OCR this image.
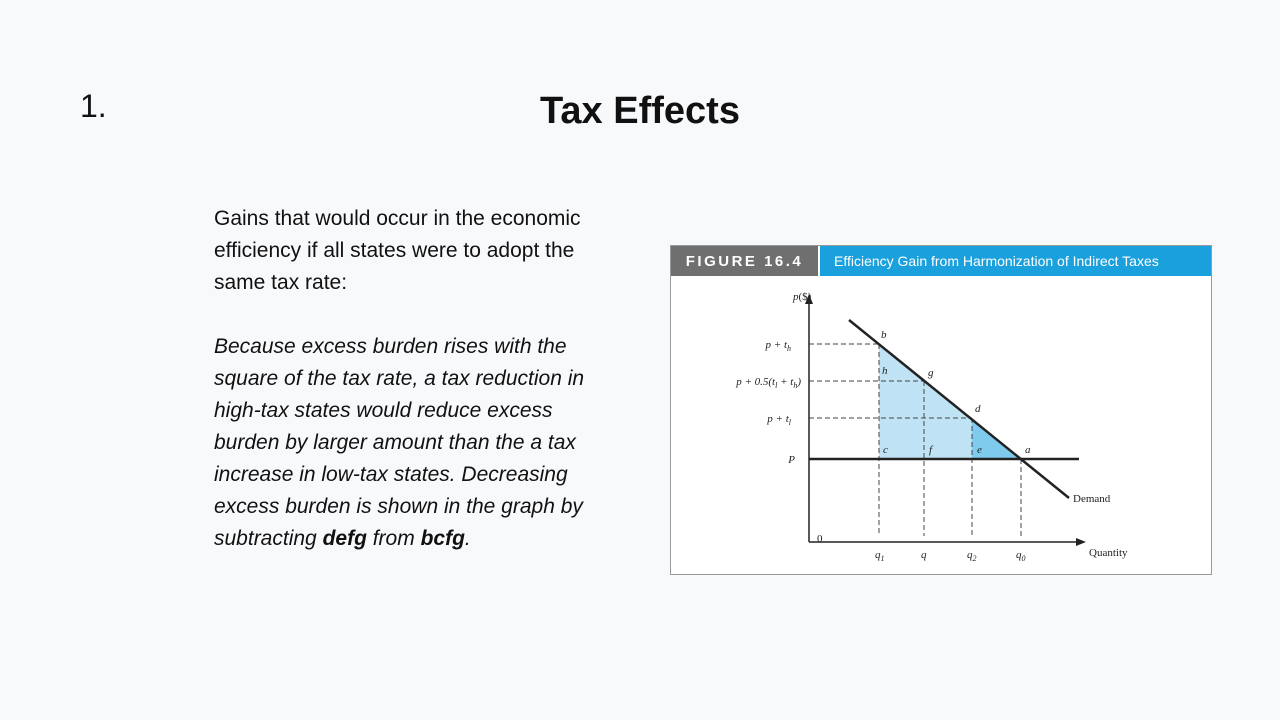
1.	Tax Effects

Gains that would occur in the economic efficiency if all states were to adopt the same tax rate:

Because excess burden rises with the square of the tax rate, a tax reduction in high-tax states would reduce excess burden by larger amount than the a tax increase in low-tax states. Decreasing excess burden is shown in the graph by subtracting defg from bcfg.

FIGURE 16.4	Efficiency Gain from Harmonization of Indirect Taxes
p($)
Quantity
0
Demand
$p + t_h$
$p + 0.5(t_l + t_h)$
$p + t_l$
P
$q_1$	q	$q_2$	$q_0$
b
h	g
d
c	f	e	a
